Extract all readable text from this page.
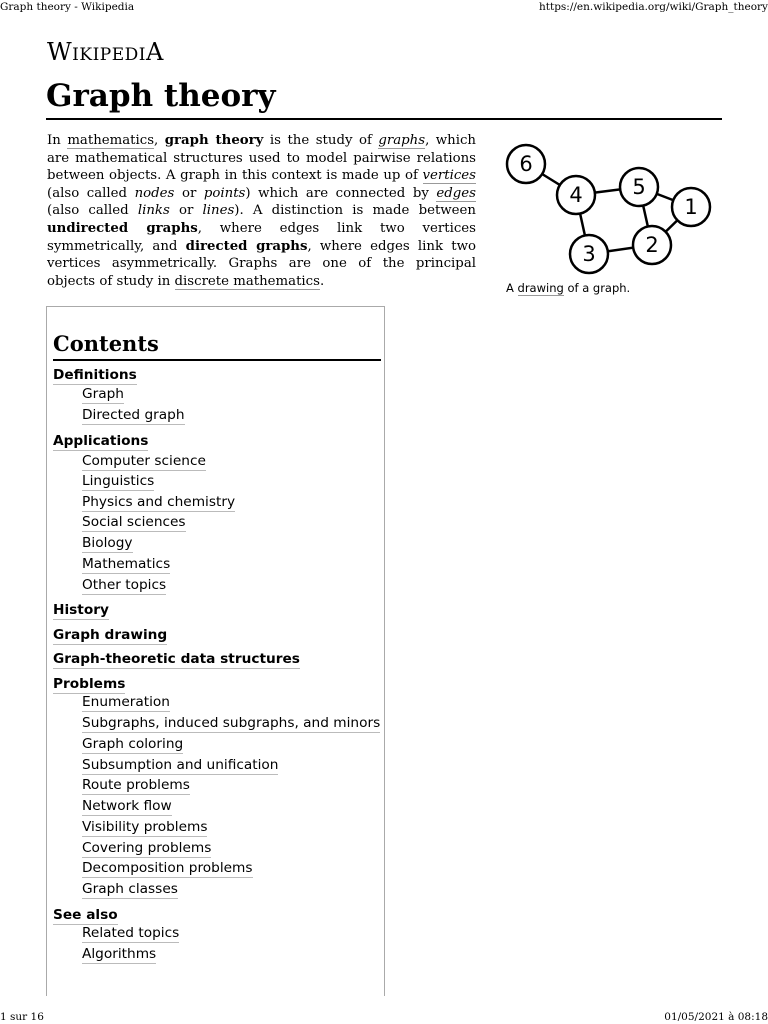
Graph theory - Wikipedia	https://en.wikipedia.org/wiki/Graph_theory
1 sur 16	01/05/2021 à 08:18
WIKIPEDIA
Graph theory

In mathematics, graph theory is the study of graphs, which are mathematical structures used to model pairwise relations between objects. A graph in this context is made up of vertices (also called nodes or points) which are connected by edges (also called links or lines). A distinction is made between undirected graphs, where edges link two vertices symmetrically, and directed graphs, where edges link two vertices asymmetrically. Graphs are one of the principal objects of study in discrete mathematics.

6
4 5
1
2
3
A drawing of a graph.
Contents
Definitions
Graph
Directed graph
Applications
Computer science
Linguistics
Physics and chemistry
Social sciences
Biology
Mathematics
Other topics
History
Graph drawing
Graph-theoretic data structures
Problems
Enumeration
Subgraphs, induced subgraphs, and minors
Graph coloring
Subsumption and unification
Route problems
Network flow
Visibility problems
Covering problems
Decomposition problems
Graph classes
See also
Related topics
Algorithms
